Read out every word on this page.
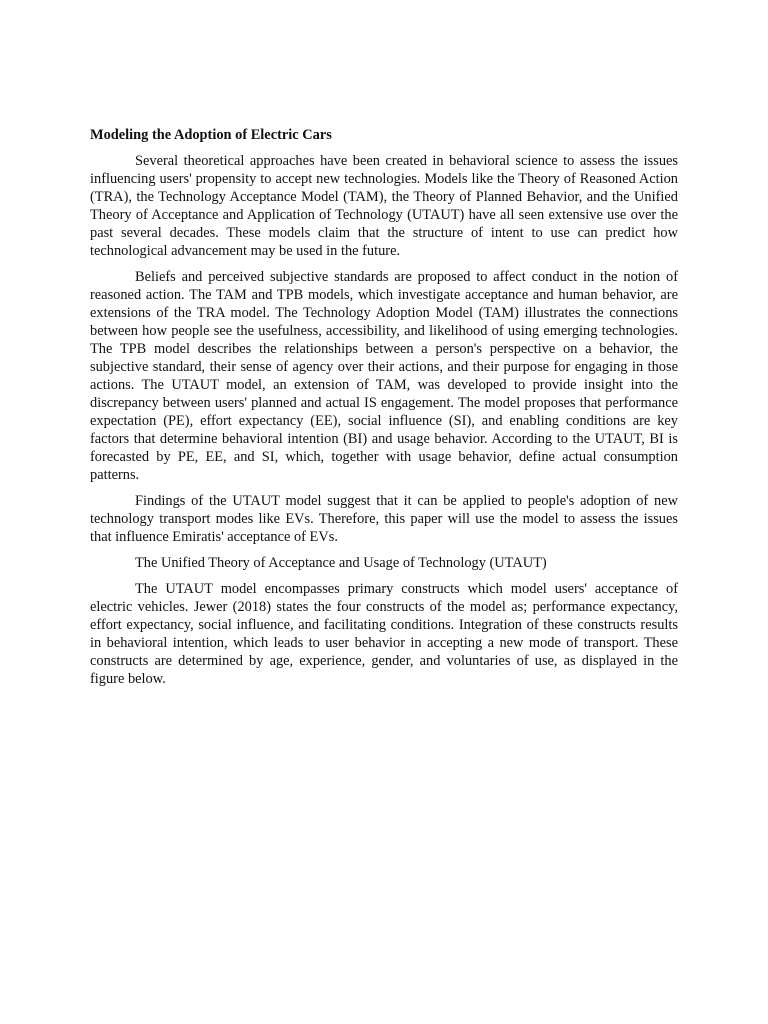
Modeling the Adoption of Electric Cars

Several theoretical approaches have been created in behavioral science to assess the issues influencing users' propensity to accept new technologies. Models like the Theory of Reasoned Action (TRA), the Technology Acceptance Model (TAM), the Theory of Planned Behavior, and the Unified Theory of Acceptance and Application of Technology (UTAUT) have all seen extensive use over the past several decades. These models claim that the structure of intent to use can predict how technological advancement may be used in the future.

Beliefs and perceived subjective standards are proposed to affect conduct in the notion of reasoned action. The TAM and TPB models, which investigate acceptance and human behavior, are extensions of the TRA model. The Technology Adoption Model (TAM) illustrates the connections between how people see the usefulness, accessibility, and likelihood of using emerging technologies. The TPB model describes the relationships between a person's perspective on a behavior, the subjective standard, their sense of agency over their actions, and their purpose for engaging in those actions. The UTAUT model, an extension of TAM, was developed to provide insight into the discrepancy between users' planned and actual IS engagement. The model proposes that performance expectation (PE), effort expectancy (EE), social influence (SI), and enabling conditions are key factors that determine behavioral intention (BI) and usage behavior. According to the UTAUT, BI is forecasted by PE, EE, and SI, which, together with usage behavior, define actual consumption patterns.

Findings of the UTAUT model suggest that it can be applied to people's adoption of new technology transport modes like EVs. Therefore, this paper will use the model to assess the issues that influence Emiratis' acceptance of EVs.

The Unified Theory of Acceptance and Usage of Technology (UTAUT)

The UTAUT model encompasses primary constructs which model users' acceptance of electric vehicles. Jewer (2018) states the four constructs of the model as; performance expectancy, effort expectancy, social influence, and facilitating conditions. Integration of these constructs results in behavioral intention, which leads to user behavior in accepting a new mode of transport. These constructs are determined by age, experience, gender, and voluntaries of use, as displayed in the figure below.
